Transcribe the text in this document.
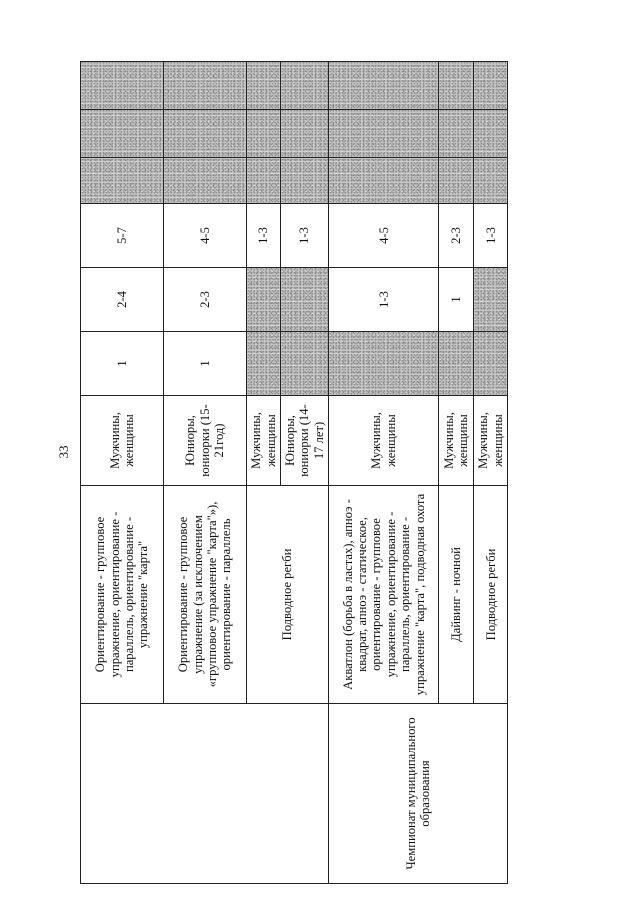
33
	Ориентирование - групповое упражнение, ориентирование - параллель, ориентирование - упражнение "карта"	Мужчины, женщины	1	2-4	5-7			
	Ориентирование - групповое упражнение (за исключением «групповое упражнение "карта"»), ориентирование - параллель	Юниоры, юниорки (15-21год)	1	2-3	4-5			
	Подводное регби	Мужчины, женщины			1-3			
		Юниоры, юниорки (14-17 лет)			1-3			
Чемпионат муниципального образования	Акватлон (борьба в ластах), апноэ - квадрат, апноэ - статическое, ориентирование - групповое упражнение, ориентирование - параллель, ориентирование - упражнение "карта", подводная охота	Мужчины, женщины		1-3	4-5			
	Дайвинг - ночной	Мужчины, женщины		1	2-3			
	Подводное регби	Мужчины, женщины			1-3			
